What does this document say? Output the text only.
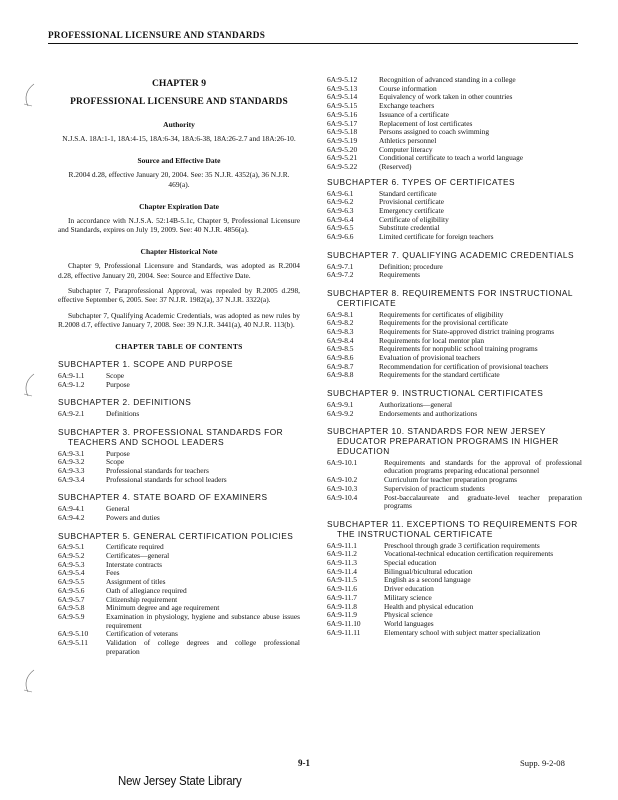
PROFESSIONAL LICENSURE AND STANDARDS
CHAPTER 9
PROFESSIONAL LICENSURE AND STANDARDS
Authority
N.J.S.A. 18A:1-1, 18A:4-15, 18A:6-34, 18A:6-38, 18A:26-2.7 and 18A:26-10.
Source and Effective Date
R.2004 d.28, effective January 20, 2004. See: 35 N.J.R. 4352(a), 36 N.J.R. 469(a).
Chapter Expiration Date
In accordance with N.J.S.A. 52:14B-5.1c, Chapter 9, Professional Licensure and Standards, expires on July 19, 2009. See: 40 N.J.R. 4856(a).
Chapter Historical Note
Chapter 9, Professional Licensure and Standards, was adopted as R.2004 d.28, effective January 20, 2004. See: Source and Effective Date.
Subchapter 7, Paraprofessional Approval, was repealed by R.2005 d.298, effective September 6, 2005. See: 37 N.J.R. 1982(a), 37 N.J.R. 3322(a).
Subchapter 7, Qualifying Academic Credentials, was adopted as new rules by R.2008 d.7, effective January 7, 2008. See: 39 N.J.R. 3441(a), 40 N.J.R. 113(b).
CHAPTER TABLE OF CONTENTS
SUBCHAPTER 1. SCOPE AND PURPOSE
6A:9-1.1	Scope
6A:9-1.2	Purpose
SUBCHAPTER 2. DEFINITIONS
6A:9-2.1	Definitions
SUBCHAPTER 3. PROFESSIONAL STANDARDS FOR TEACHERS AND SCHOOL LEADERS
6A:9-3.1	Purpose
6A:9-3.2	Scope
6A:9-3.3	Professional standards for teachers
6A:9-3.4	Professional standards for school leaders
SUBCHAPTER 4. STATE BOARD OF EXAMINERS
6A:9-4.1	General
6A:9-4.2	Powers and duties
SUBCHAPTER 5. GENERAL CERTIFICATION POLICIES
6A:9-5.1	Certificate required
6A:9-5.2	Certificates—general
6A:9-5.3	Interstate contracts
6A:9-5.4	Fees
6A:9-5.5	Assignment of titles
6A:9-5.6	Oath of allegiance required
6A:9-5.7	Citizenship requirement
6A:9-5.8	Minimum degree and age requirement
6A:9-5.9	Examination in physiology, hygiene and substance abuse issues requirement
6A:9-5.10	Certification of veterans
6A:9-5.11	Validation of college degrees and college professional preparation
6A:9-5.12	Recognition of advanced standing in a college
6A:9-5.13	Course information
6A:9-5.14	Equivalency of work taken in other countries
6A:9-5.15	Exchange teachers
6A:9-5.16	Issuance of a certificate
6A:9-5.17	Replacement of lost certificates
6A:9-5.18	Persons assigned to coach swimming
6A:9-5.19	Athletics personnel
6A:9-5.20	Computer literacy
6A:9-5.21	Conditional certificate to teach a world language
6A:9-5.22	(Reserved)
SUBCHAPTER 6. TYPES OF CERTIFICATES
6A:9-6.1	Standard certificate
6A:9-6.2	Provisional certificate
6A:9-6.3	Emergency certificate
6A:9-6.4	Certificate of eligibility
6A:9-6.5	Substitute credential
6A:9-6.6	Limited certificate for foreign teachers
SUBCHAPTER 7. QUALIFYING ACADEMIC CREDENTIALS
6A:9-7.1	Definition; procedure
6A:9-7.2	Requirements
SUBCHAPTER 8. REQUIREMENTS FOR INSTRUCTIONAL CERTIFICATE
6A:9-8.1	Requirements for certificates of eligibility
6A:9-8.2	Requirements for the provisional certificate
6A:9-8.3	Requirements for State-approved district training programs
6A:9-8.4	Requirements for local mentor plan
6A:9-8.5	Requirements for nonpublic school training programs
6A:9-8.6	Evaluation of provisional teachers
6A:9-8.7	Recommendation for certification of provisional teachers
6A:9-8.8	Requirements for the standard certificate
SUBCHAPTER 9. INSTRUCTIONAL CERTIFICATES
6A:9-9.1	Authorizations—general
6A:9-9.2	Endorsements and authorizations
SUBCHAPTER 10. STANDARDS FOR NEW JERSEY EDUCATOR PREPARATION PROGRAMS IN HIGHER EDUCATION
6A:9-10.1	Requirements and standards for the approval of professional education programs preparing educational personnel
6A:9-10.2	Curriculum for teacher preparation programs
6A:9-10.3	Supervision of practicum students
6A:9-10.4	Post-baccalaureate and graduate-level teacher preparation programs
SUBCHAPTER 11. EXCEPTIONS TO REQUIREMENTS FOR THE INSTRUCTIONAL CERTIFICATE
6A:9-11.1	Preschool through grade 3 certification requirements
6A:9-11.2	Vocational-technical education certification requirements
6A:9-11.3	Special education
6A:9-11.4	Bilingual/bicultural education
6A:9-11.5	English as a second language
6A:9-11.6	Driver education
6A:9-11.7	Military science
6A:9-11.8	Health and physical education
6A:9-11.9	Physical science
6A:9-11.10	World languages
6A:9-11.11	Elementary school with subject matter specialization
9-1	Supp. 9-2-08
New Jersey State Library
